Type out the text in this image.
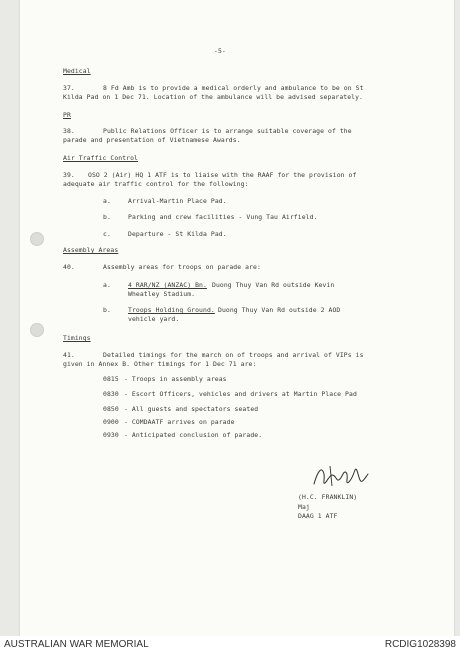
-5-
Medical
37.	8 Fd Amb is to provide a medical orderly and ambulance to be on St
Kilda Pad on 1 Dec 71. Location of the ambulance will be advised separately.
PR
38.	Public Relations Officer is to arrange suitable coverage of the
parade and presentation of Vietnamese Awards.
Air Traffic Control
39. OSO 2 (Air) HQ 1 ATF is to liaise with the RAAF for the provision of
adequate air traffic control for the following:
a.	Arrival-Martin Place Pad.
b.	Parking and crew facilities - Vung Tau Airfield.
c.	Departure - St Kilda Pad.
Assembly Areas
40.	Assembly areas for troops on parade are:
a.	4 RAR/NZ (ANZAC) Bn. Duong Thuy Van Rd outside Kevin
Wheatley Stadium.
b.	Troops Holding Ground. Duong Thuy Van Rd outside 2 AOD
vehicle yard.
Timings
41.	Detailed timings for the march on of troops and arrival of VIPs is
given in Annex B. Other timings for 1 Dec 71 are:
0815 - Troops in assembly areas
0830 - Escort Officers, vehicles and drivers at Martin Place Pad
0850 - All guests and spectators seated
0900 - COMDAATF arrives on parade
0930 - Anticipated conclusion of parade.
(H.C. FRANKLIN)
Maj
DAAG 1 ATF
AUSTRALIAN WAR MEMORIAL	RCDIG1028398
